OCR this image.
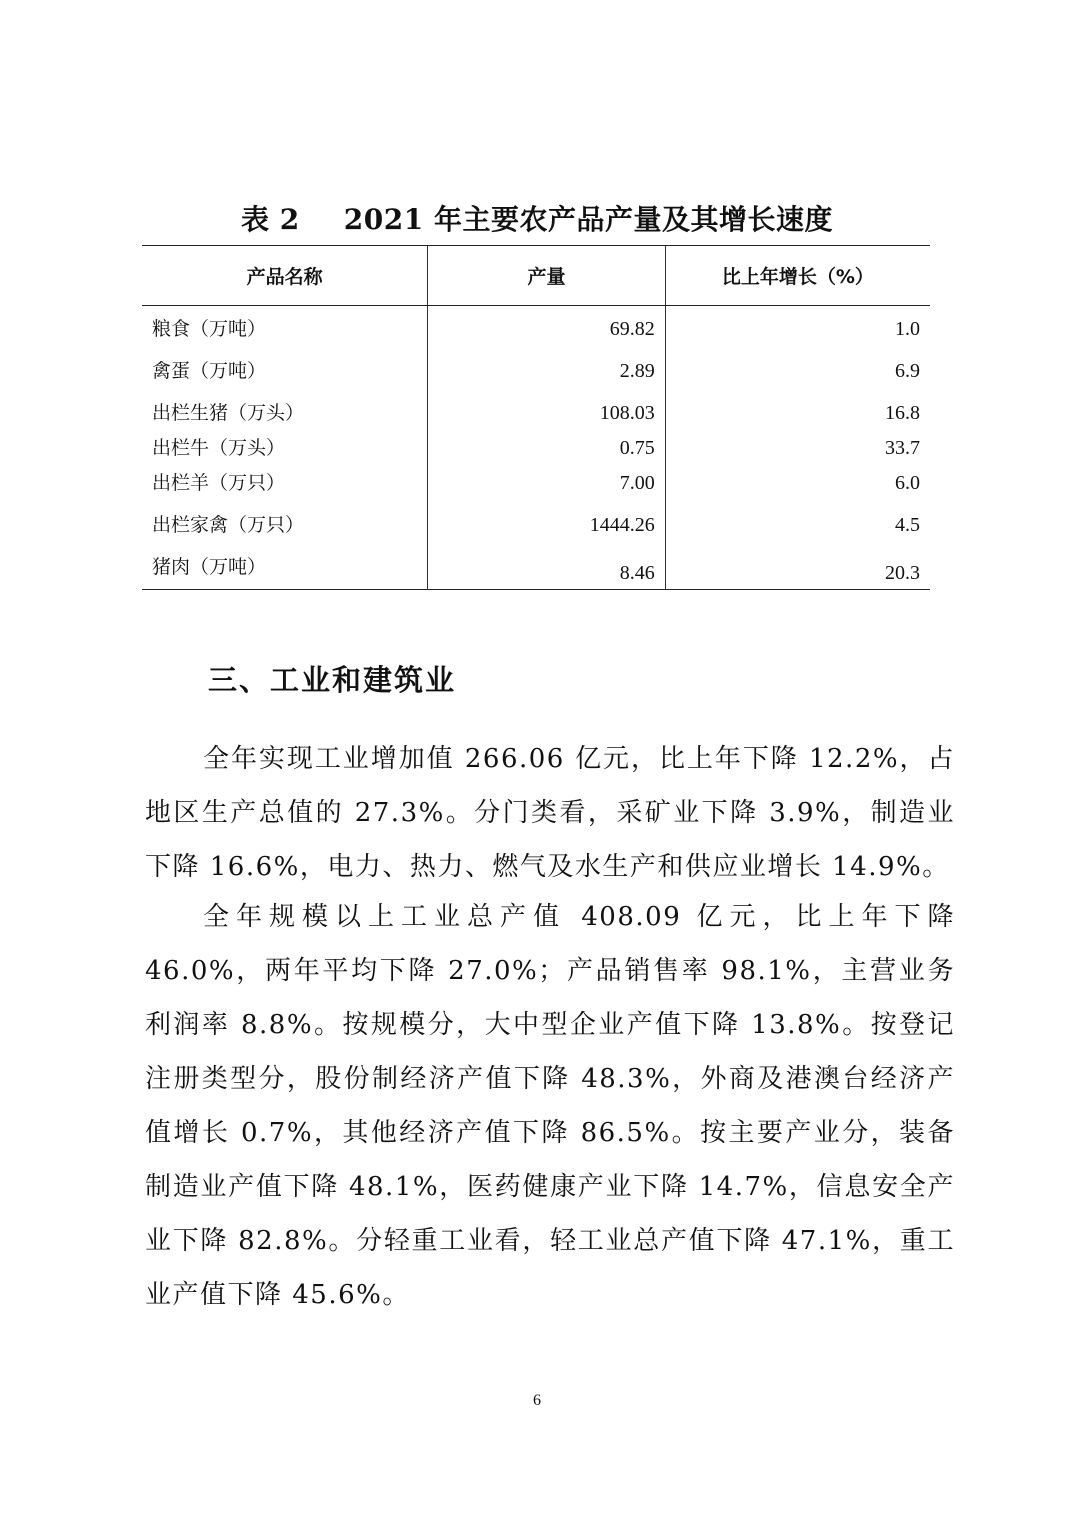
表 2 2021 年主要农产品产量及其增长速度
产品名称	产量	比上年增长（%）
粮食（万吨）
禽蛋（万吨）
出栏生猪（万头）
出栏牛（万头）
出栏羊（万只）
出栏家禽（万只）
猪肉（万吨）
69.82
2.89
108.03
0.75
7.00
1444.26
8.46
1.0
6.9
16.8
33.7
6.0
4.5
20.3
三、工业和建筑业

全年实现工业增加值 266.06 亿元，比上年下降 12.2%，占地区生产总值的 27.3%。分门类看，采矿业下降 3.9%，制造业下降 16.6%，电力、热力、燃气及水生产和供应业增长 14.9%。

全年规模以上工业总产值 408.09 亿元，比上年下降 46.0%，两年平均下降 27.0%；产品销售率 98.1%，主营业务利润率 8.8%。按规模分，大中型企业产值下降 13.8%。按登记注册类型分，股份制经济产值下降 48.3%，外商及港澳台经济产值增长 0.7%，其他经济产值下降 86.5%。按主要产业分，装备制造业产值下降 48.1%，医药健康产业下降 14.7%，信息安全产业下降 82.8%。分轻重工业看，轻工业总产值下降 47.1%，重工业产值下降 45.6%。

6
